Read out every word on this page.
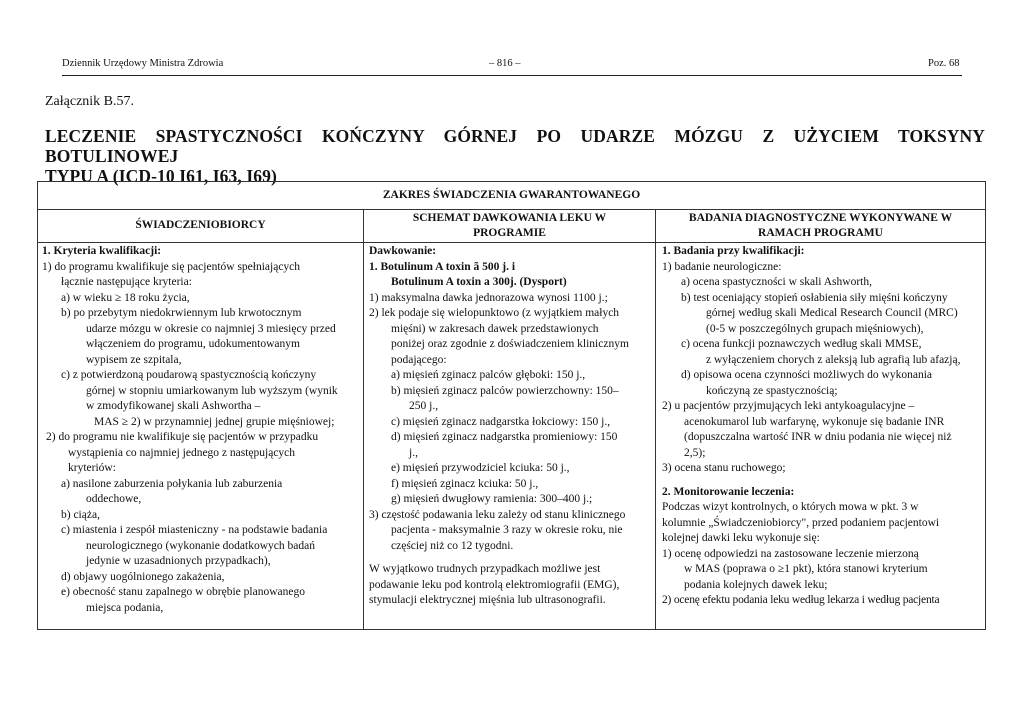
Dziennik Urzędowy Ministra Zdrowia	– 816 –	Poz. 68
Załącznik B.57.
LECZENIE SPASTYCZNOŚCI KOŃCZYNY GÓRNEJ PO UDARZE MÓZGU Z UŻYCIEM TOKSYNY BOTULINOWEJ
TYPU A (ICD-10 I61, I63, I69)
ZAKRES ŚWIADCZENIA GWARANTOWANEGO
ŚWIADCZENIOBIORCY
SCHEMAT DAWKOWANIA LEKU W
PROGRAMIE
BADANIA DIAGNOSTYCZNE WYKONYWANE W
RAMACH PROGRAMU
1. Kryteria kwalifikacji:
1) do programu kwalifikuje się pacjentów spełniających
łącznie następujące kryteria:
a) w wieku ≥ 18 roku życia,
b) po przebytym niedokrwiennym lub krwotocznym
udarze mózgu w okresie co najmniej 3 miesięcy przed
włączeniem do programu, udokumentowanym
wypisem ze szpitala,
c) z potwierdzoną poudarową spastycznością kończyny
górnej w stopniu umiarkowanym lub wyższym (wynik
w zmodyfikowanej skali Ashwortha –
MAS ≥ 2) w przynamniej jednej grupie mięśniowej;
2) do programu nie kwalifikuje się pacjentów w przypadku
wystąpienia co najmniej jednego z następujących
kryteriów:
a) nasilone zaburzenia połykania lub zaburzenia
oddechowe,
b) ciąża,
c) miastenia i zespół miasteniczny - na podstawie badania
neurologicznego (wykonanie dodatkowych badań
jedynie w uzasadnionych przypadkach),
d) objawy uogólnionego zakażenia,
e) obecność stanu zapalnego w obrębie planowanego
miejsca podania,
Dawkowanie:
1. Botulinum A toxin ã 500 j. i
Botulinum A toxin a 300j. (Dysport)
1) maksymalna dawka jednorazowa wynosi 1100 j.;
2) lek podaje się wielopunktowo (z wyjątkiem małych
mięśni) w zakresach dawek przedstawionych
poniżej oraz zgodnie z doświadczeniem klinicznym
podającego:
a) mięsień zginacz palców głęboki: 150 j.,
b) mięsień zginacz palców powierzchowny: 150–
250 j.,
c) mięsień zginacz nadgarstka łokciowy: 150 j.,
d) mięsień zginacz nadgarstka promieniowy: 150
j.,
e) mięsień przywodziciel kciuka: 50 j.,
f) mięsień zginacz kciuka: 50 j.,
g) mięsień dwugłowy ramienia: 300–400 j.;
3) częstość podawania leku zależy od stanu klinicznego
pacjenta - maksymalnie 3 razy w okresie roku, nie
częściej niż co 12 tygodni.
W wyjątkowo trudnych przypadkach możliwe jest
podawanie leku pod kontrolą elektromiografii (EMG),
stymulacji elektrycznej mięśnia lub ultrasonografii.
1. Badania przy kwalifikacji:
1) badanie neurologiczne:
a) ocena spastyczności w skali Ashworth,
b) test oceniający stopień osłabienia siły mięśni kończyny
górnej według skali Medical Research Council (MRC)
(0-5 w poszczególnych grupach mięśniowych),
c) ocena funkcji poznawczych według skali MMSE,
z wyłączeniem chorych z aleksją lub agrafią lub afazją,
d) opisowa ocena czynności możliwych do wykonania
kończyną ze spastycznością;
2) u pacjentów przyjmujących leki antykoagulacyjne –
acenokumarol lub warfarynę, wykonuje się badanie INR
(dopuszczalna wartość INR w dniu podania nie więcej niż
2,5);
3) ocena stanu ruchowego;
2. Monitorowanie leczenia:
Podczas wizyt kontrolnych, o których mowa w pkt. 3 w
kolumnie „Świadczeniobiorcy", przed podaniem pacjentowi
kolejnej dawki leku wykonuje się:
1) ocenę odpowiedzi na zastosowane leczenie mierzoną
w MAS (poprawa o ≥1 pkt), która stanowi kryterium
podania kolejnych dawek leku;
2) ocenę efektu podania leku według lekarza i według pacjenta
